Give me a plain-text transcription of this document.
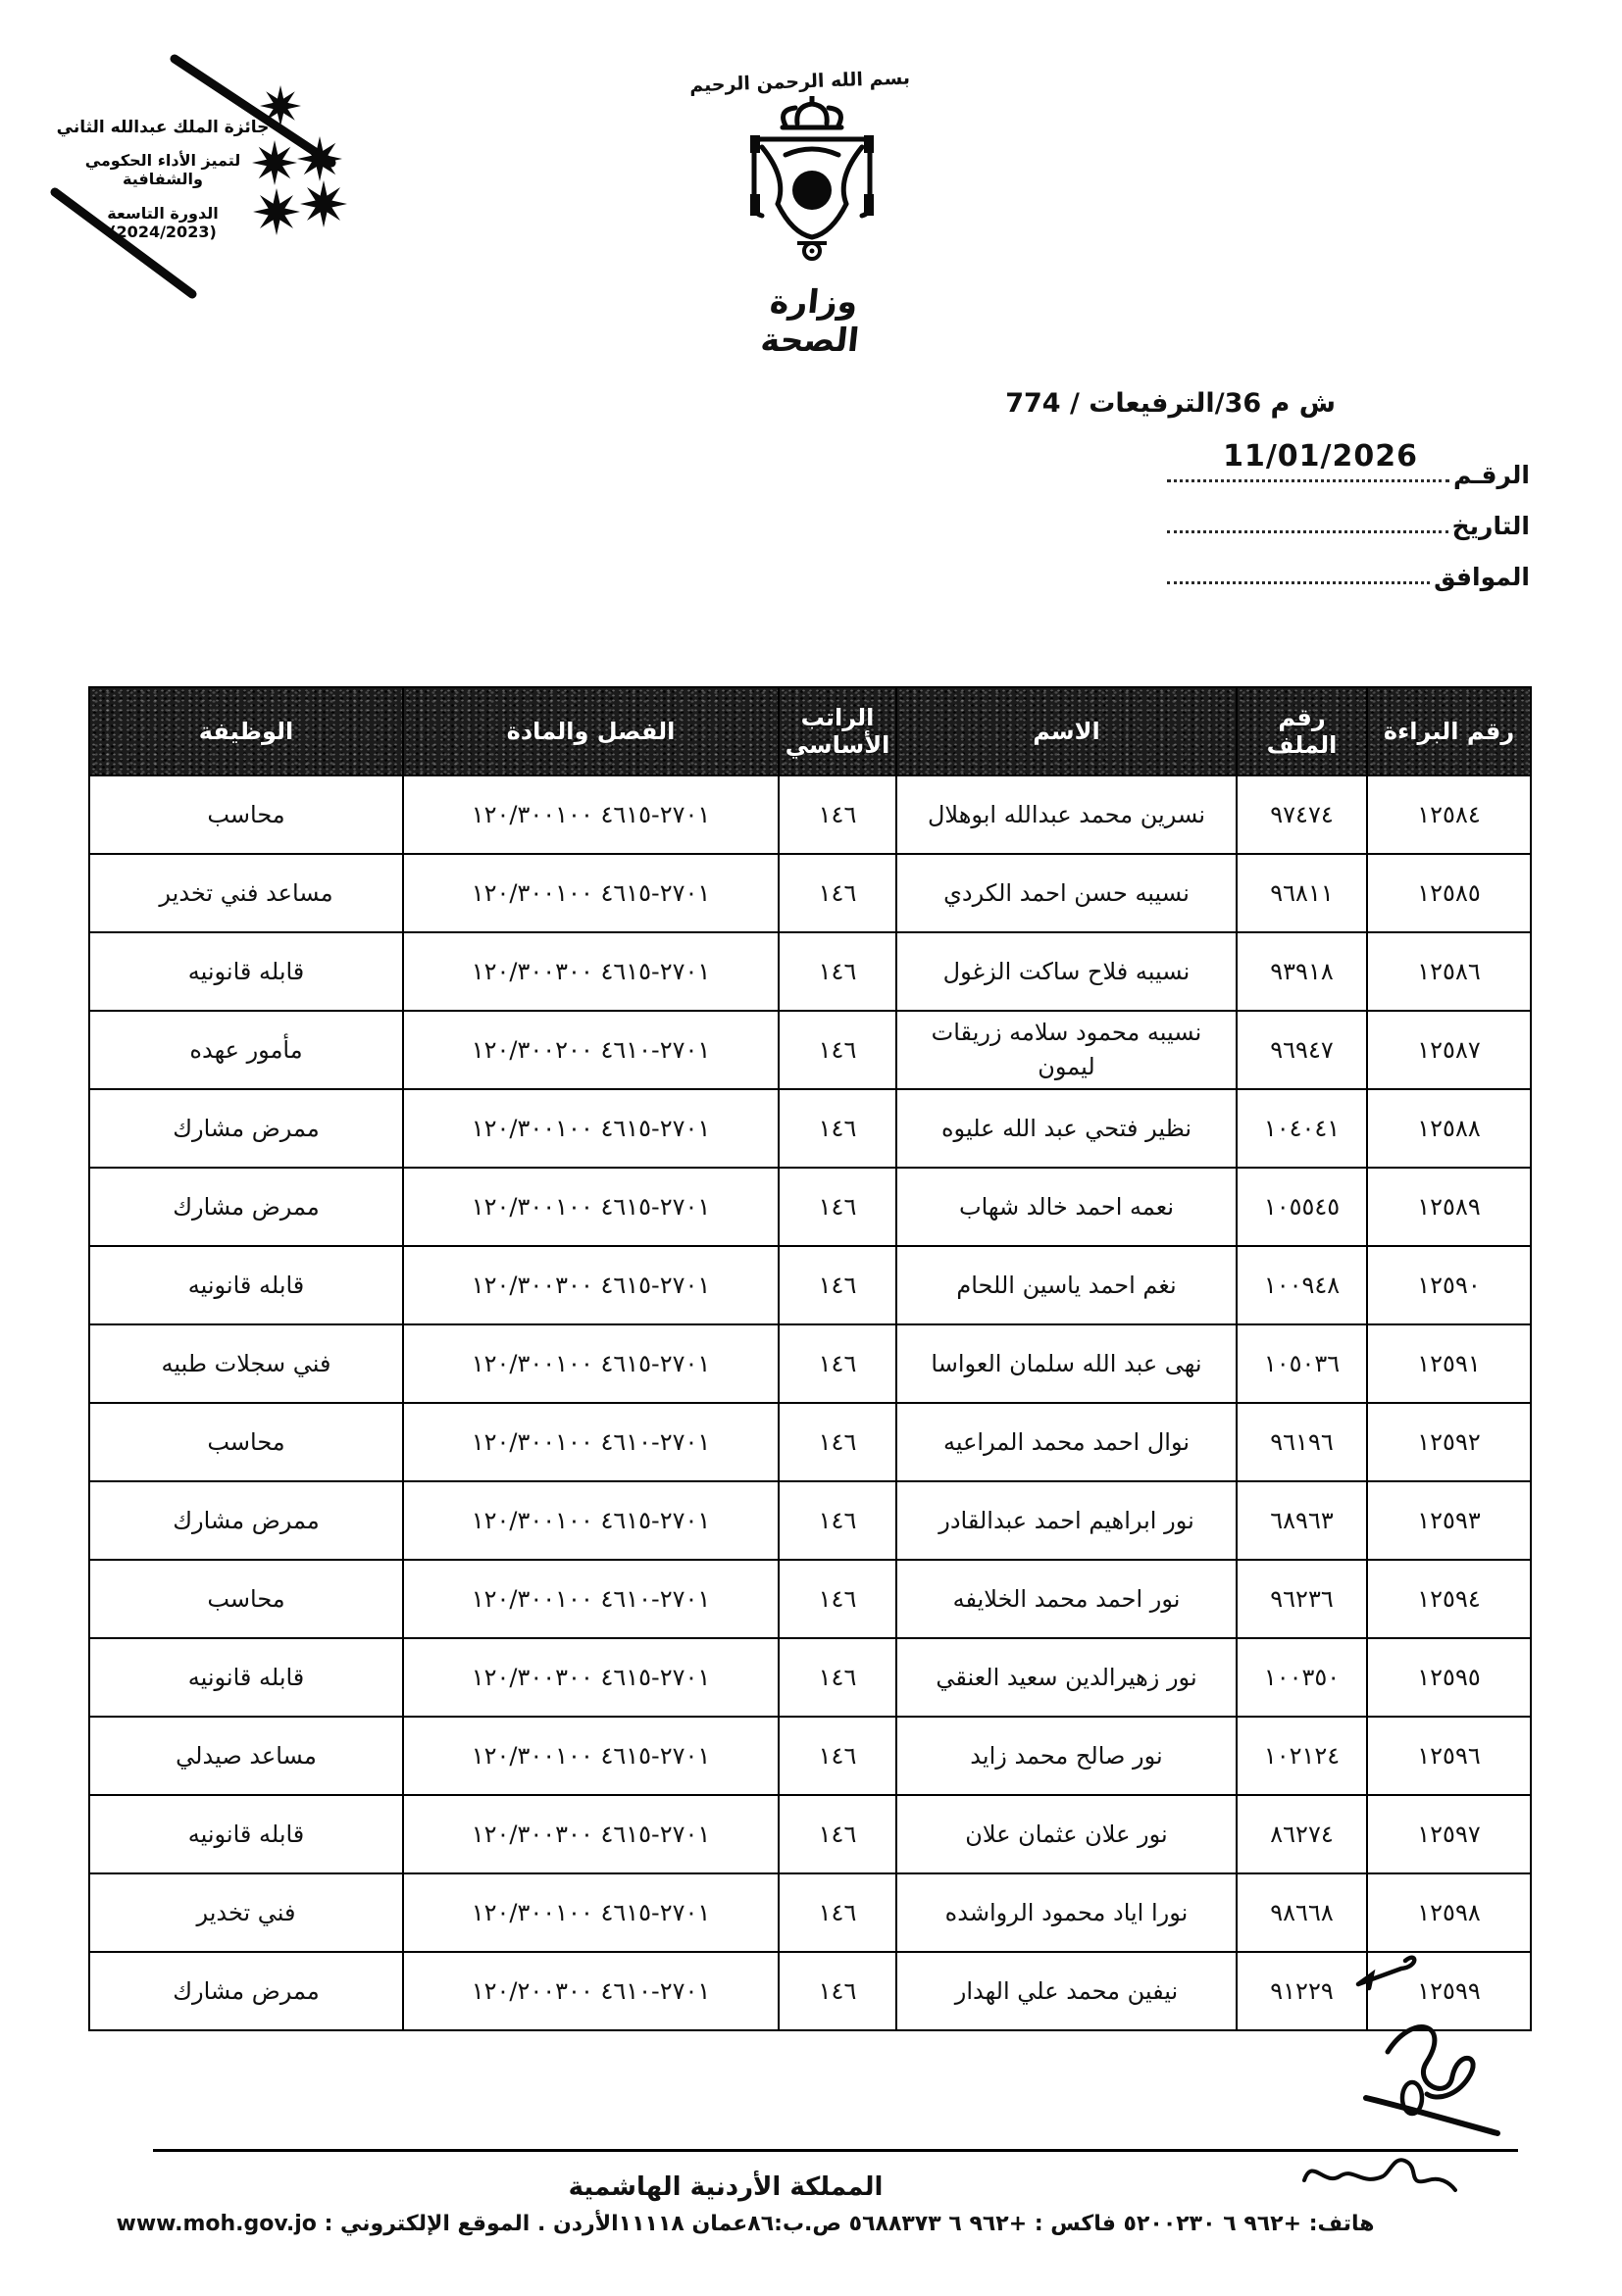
جائزة الملك عبدالله الثاني
لتميز الأداء الحكومي والشفافية
الدورة التاسعة
(2024/2023)
بسم الله الرحمن الرحيم
وزارة الصحة
ش م 36/الترفيعات / 774
11/01/2026
الرقـم
التاريخ
الموافق
رقم البراءة	رقم الملف	الاسم	الراتب الأساسي	الفصل والمادة	الوظيفة
١٢٥٨٤	٩٧٤٧٤	نسرين محمد عبدالله ابوهلال	١٤٦	١٢٠/٣٠٠١٠٠ ٤٦١٥-٢٧٠١	محاسب
١٢٥٨٥	٩٦٨١١	نسيبه حسن احمد الكردي	١٤٦	١٢٠/٣٠٠١٠٠ ٤٦١٥-٢٧٠١	مساعد فني تخدير
١٢٥٨٦	٩٣٩١٨	نسيبه فلاح ساكت الزغول	١٤٦	١٢٠/٣٠٠٣٠٠ ٤٦١٥-٢٧٠١	قابله قانونيه
١٢٥٨٧	٩٦٩٤٧	نسيبه محمود سلامه زريقات ليمون	١٤٦	١٢٠/٣٠٠٢٠٠ ٤٦١٠-٢٧٠١	مأمور عهده
١٢٥٨٨	١٠٤٠٤١	نظير فتحي عبد الله عليوه	١٤٦	١٢٠/٣٠٠١٠٠ ٤٦١٥-٢٧٠١	ممرض مشارك
١٢٥٨٩	١٠٥٥٤٥	نعمه احمد خالد شهاب	١٤٦	١٢٠/٣٠٠١٠٠ ٤٦١٥-٢٧٠١	ممرض مشارك
١٢٥٩٠	١٠٠٩٤٨	نغم احمد ياسين اللحام	١٤٦	١٢٠/٣٠٠٣٠٠ ٤٦١٥-٢٧٠١	قابله قانونيه
١٢٥٩١	١٠٥٠٣٦	نهى عبد الله سلمان العواسا	١٤٦	١٢٠/٣٠٠١٠٠ ٤٦١٥-٢٧٠١	فني سجلات طبيه
١٢٥٩٢	٩٦١٩٦	نوال احمد محمد المراعيه	١٤٦	١٢٠/٣٠٠١٠٠ ٤٦١٠-٢٧٠١	محاسب
١٢٥٩٣	٦٨٩٦٣	نور ابراهيم احمد عبدالقادر	١٤٦	١٢٠/٣٠٠١٠٠ ٤٦١٥-٢٧٠١	ممرض مشارك
١٢٥٩٤	٩٦٢٣٦	نور احمد محمد الخلايفه	١٤٦	١٢٠/٣٠٠١٠٠ ٤٦١٠-٢٧٠١	محاسب
١٢٥٩٥	١٠٠٣٥٠	نور زهيرالدين سعيد العنقي	١٤٦	١٢٠/٣٠٠٣٠٠ ٤٦١٥-٢٧٠١	قابله قانونيه
١٢٥٩٦	١٠٢١٢٤	نور صالح محمد زايد	١٤٦	١٢٠/٣٠٠١٠٠ ٤٦١٥-٢٧٠١	مساعد صيدلي
١٢٥٩٧	٨٦٢٧٤	نور علان عثمان علان	١٤٦	١٢٠/٣٠٠٣٠٠ ٤٦١٥-٢٧٠١	قابله قانونيه
١٢٥٩٨	٩٨٦٦٨	نورا اياد محمود الرواشده	١٤٦	١٢٠/٣٠٠١٠٠ ٤٦١٥-٢٧٠١	فني تخدير
١٢٥٩٩	٩١٢٢٩	نيفين محمد علي الهدار	١٤٦	١٢٠/٢٠٠٣٠٠ ٤٦١٠-٢٧٠١	ممرض مشارك
المملكة الأردنية الهاشمية
هاتف: +٩٦٢ ٦ ٥٢٠٠٢٣٠ فاكس : +٩٦٢ ٦ ٥٦٨٨٣٧٣ ص.ب:٨٦عمان ١١١١٨الأردن . الموقع الإلكتروني : www.moh.gov.jo
